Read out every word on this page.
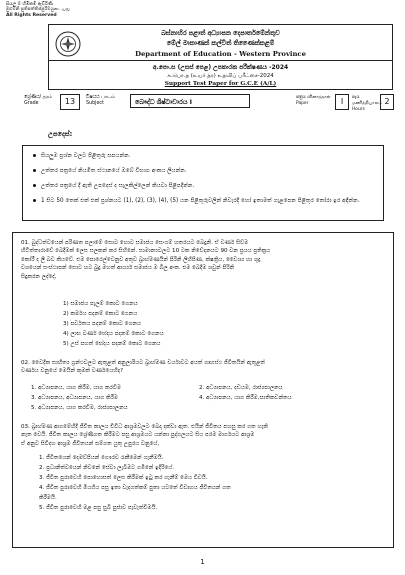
සියලු ම හිමිකම් ඇවිරිණි
මුළුමනි පුතිපත්තිප්පුරිමයුடையது
All Rights Reserved
බස්නාහිර පළාත් අධ්‍යාපන දෙපාර්තමේන්තුව
මේල් මාකාණක් කල්විත් තිණෛක්කළම්
Department of Education - Western Province
අ.පො.ස (උසස් පෙළ) උපකාරක පරීක්ෂණය -2024
க.பொ.த (உயர் தர) உதவிப் பரீட்சை-2024
Support Test Paper for G.C.E (A/L)
ශ්‍රේණිය/ தரம் Grade	13	විෂයය பாடம் Subject	බෞද්ධ ශිෂ්ටාචාරය I
පත්‍රය வினாத்தாள் Paper	I	පැය மணித்தியாலம் Hours
2
උපදෙස්:
සියලුම ප්‍රශ්න වලට පිළිතුරු සපයන්න.
උත්තර පත්‍රයේ නියමිත ස්ථානයේ ඔබේ විභාග අංකය ලියන්න.
උත්තර පත්‍රයේ දී ඇති උපදෙස් ද සැලකිල්ලෙන් කියවා පිළිපදින්න.
1 සිට 50 තෙක් එක් එක් ප්‍රශ්නයට (1), (2), (3), (4), (5) යන පිළිතුරුවලින් නිවැරදි හෝ ඉතාමත් ගැළපෙන පිළිතුර තෝරා ඉර අඳින්න.
01. බුද්ධත්වයෙන් පරිණත පලාමේ සොට හොට සමාජය සෙංගම් හතරයට බෙදුනි. ඒ වර්ණ සිව්ම
හිටිත්තාරාවේ බෙදීමක් ලෙස සලකන් කර සිහිනේ. සාමාන්‍යවලට 10 ටක නිවේදනයට 90 වන ප්‍රයය ප්‍රතික්‍රය
කෝරී ද ලී බව කියවේ. එම පොරෙල්වෙනුව අතුව බ්‍රාහ්මණයින් පිරිනි ලිහිපිණ, ක්ෂත්‍රිය, වෛශ්‍ය හා ශූද්‍ර
වශයෙන් සංස්ථාපන් සොට හට බුදු මහත් ආර්ය්‍ය සමාජය ම බිල අංක. එම බෙදීම ශවුන් පිරිනි
සිදුකරන ලද්දේ,
1) සමාජය පැලම් කොට ගෙනය
2) කර්මය පදනම් කොට ගෙනය
3) පර්වතය පදනම් කොට ගෙනය
4) ලාභ වර්ණ භේදය පදනම් කොට ගෙනය
5) උස් පහත් භේදය පදනම් කොට ගෙනය
02. වෛදික සාහිත්‍ය ග්‍රන්ථවලට ඇතුළත් අනුලාරියට බ්‍රාහ්මණ චර්යාවට අයත් ගෘහස්ථ ජීවිතයින් ඇතුළත්
වර්ණය වනුයේ මෙයින් කුමක් වර්ණයෙහිද?
1. අධ්‍යාපනය, යාග කිරීම, යාග කරවීම	2. අධ්‍යාපනය, දඩයම, රාජ්‍යපාලනය
3. අධ්‍යාපනය, අධ්‍යාපනය, යාග කිරීම	4. අධ්‍යාපනය, යාග කිරීම,ඝාතිකවන්තය
5. අධ්‍යාපනය, යාග කරවීම, රාජ්‍යපාලනය
03. බ්‍රාහ්මණ ආගමේහිදී ජීවිත කාලය චිවිධ ආශ්‍රමවලට බෙදා දක්වා ඇත. එයින් ජීවිතය පහසු කර ගත හැකි
නැත වෙයි. ජීවිත කාලය ශ්‍රේණිගත කිරීමට පසු ආශ්‍රමයට යන්නා පුද්ගලයට සිය පරම මාර්ගයට ආශ්‍රම
ඒ අනුව සිවිදහ ආශ්‍රම ජීවිතයන් සම්ගත යුතු උපුරය වනුයේ,
1. ජීවිතයෙන් දෙමව්පියන් ගෞරව රැකීමෙන් ගැනීමයි.
2. ප්‍රධානිත්වයෙන් නිවනේ සේවා ලැබීමට ගමිනේ ඉදිරියේ.
3. ජීවිත පුරාවෙහි පොහොසත් ලෙස කිරීමක් ඉටු කර ගැනීම් මෙය විවයි.
4. ජීවිත පුරාවෙහි මියගිය පසු ඉතා වැදගත්කම් පුතා යටතේ විවාහය ජීවිතයන් ගත
කිරීමයි.
5. ජීවිත පුරාවෙහි මළ පසු සුබී පුජාව පැවැත්වීමයි.
1
